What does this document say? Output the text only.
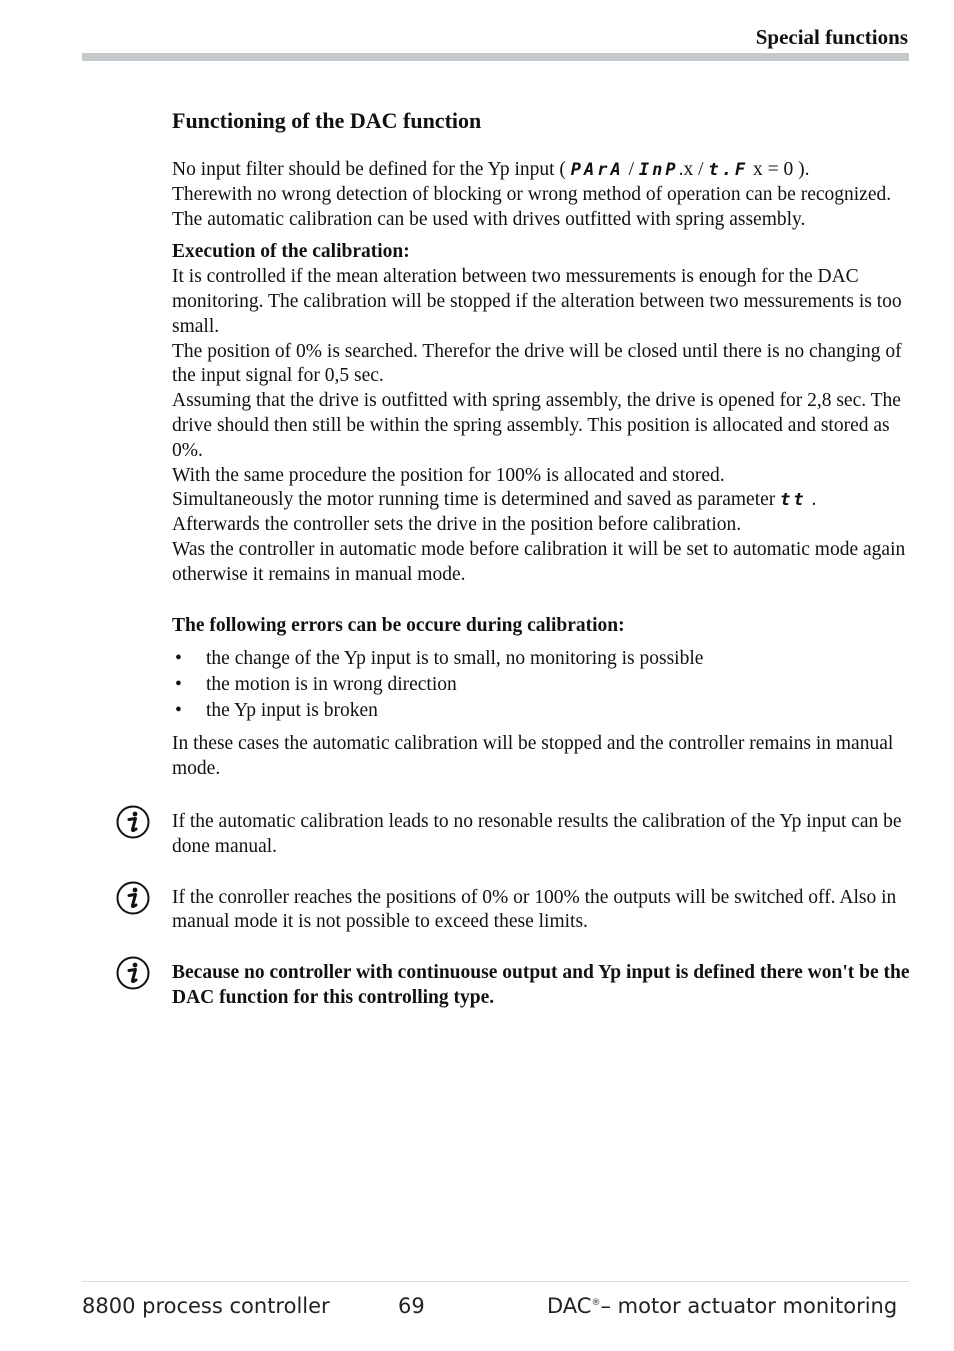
Special functions
Functioning of the DAC function

No input filter should be defined for the Yp input ( PArA / InP.x / t.F x = 0 ).

Therewith no wrong detection of blocking or wrong method of operation can be recognized.

The automatic calibration can be used with drives outfitted with spring assembly.

Execution of the calibration:

It is controlled if the mean alteration between two messurements is enough for the DAC monitoring. The calibration will be stopped if the alteration between two messurements is too small.

The position of 0% is searched. Therefor the drive will be closed until there is no changing of the input signal for 0,5 sec.

Assuming that the drive is outfitted with spring assembly, the drive is opened for 2,8 sec. The drive should then still be within the spring assembly. This position is allocated and stored as 0%.

With the same procedure the position for 100% is allocated and stored.

Simultaneously the motor running time is determined and saved as parameter tt .

Afterwards the controller sets the drive in the position before calibration.

Was the controller in automatic mode before calibration it will be set to automatic mode again otherwise it remains in manual mode.

The following errors can be occure during calibration:

• the change of the Yp input is to small, no monitoring is possible
• the motion is in wrong direction
• the Yp input is broken

In these cases the automatic calibration will be stopped and the controller remains in manual mode.

If the automatic calibration leads to no resonable results the calibration of the Yp input can be done manual.

If the conroller reaches the positions of 0% or 100% the outputs will be switched off. Also in manual mode it is not possible to exceed these limits.

Because no controller with continuouse output and Yp input is defined there won't be the DAC function for this controlling type.

8800 process controller	69	DAC®– motor actuator monitoring
